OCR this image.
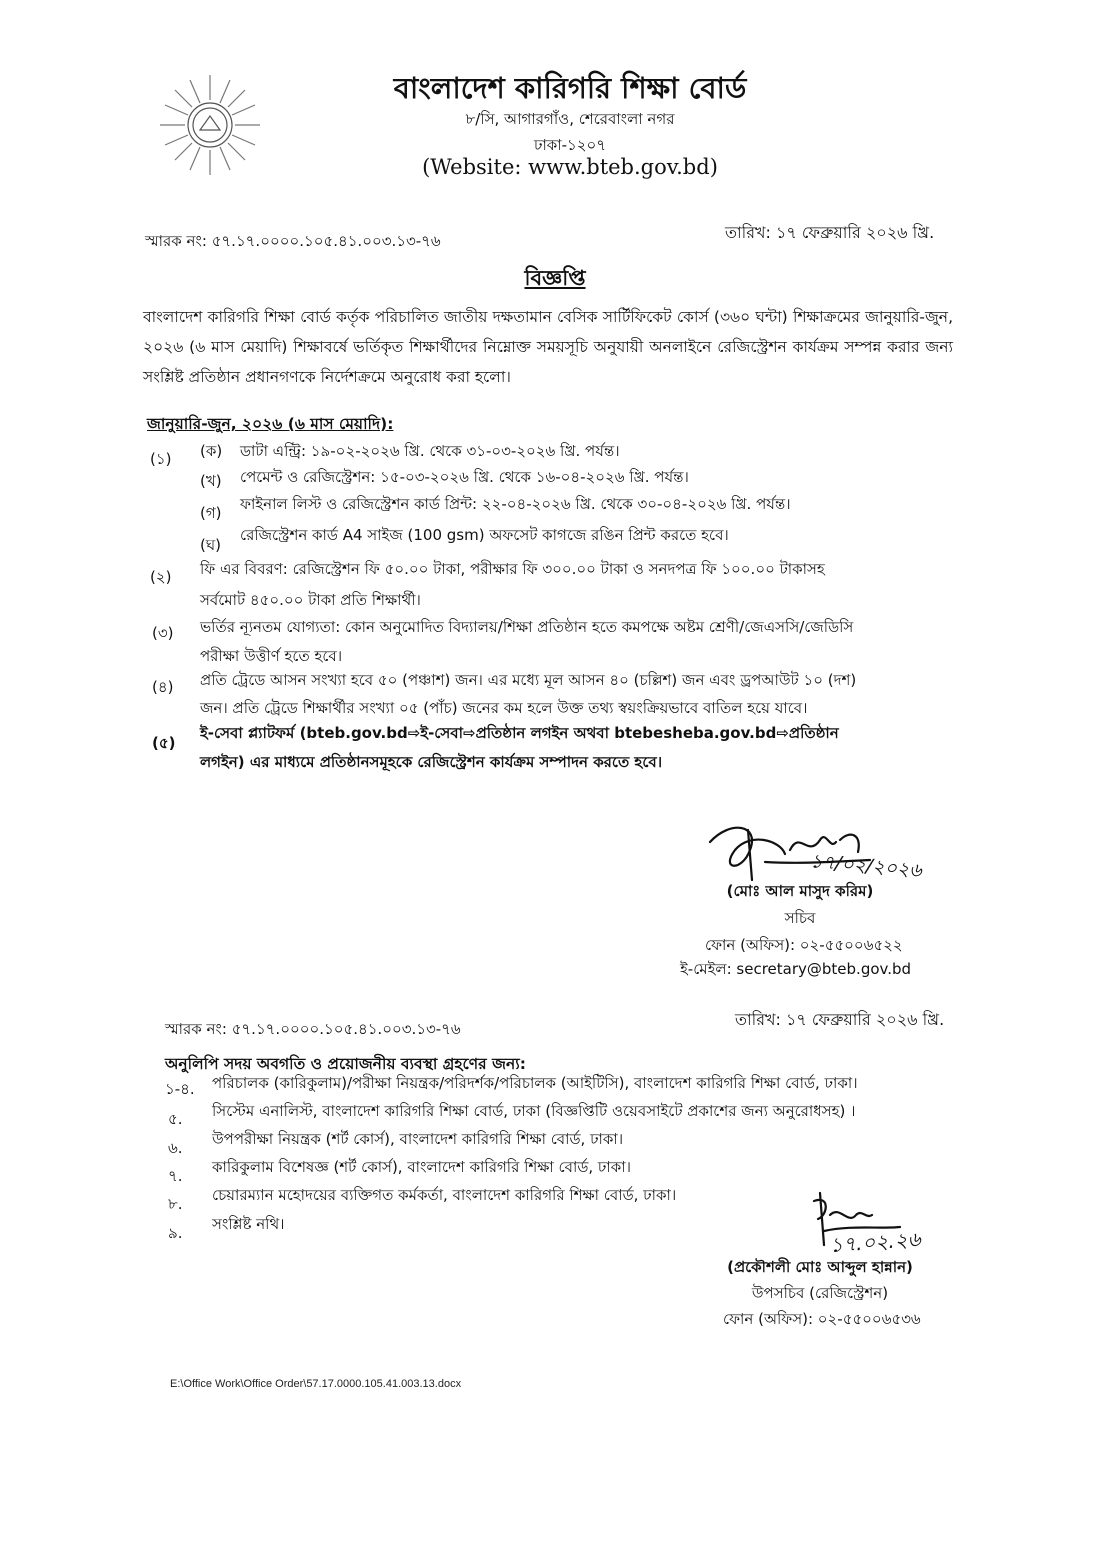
বাংলাদেশ কারিগরি শিক্ষা বোর্ড
৮/সি, আগারগাঁও, শেরেবাংলা নগর
ঢাকা-১২০৭
(Website: www.bteb.gov.bd)
স্মারক নং: ৫৭.১৭.০০০০.১০৫.৪১.০০৩.১৩-৭৬	তারিখ: ১৭ ফেব্রুয়ারি ২০২৬ খ্রি.
বিজ্ঞপ্তি
বাংলাদেশ কারিগরি শিক্ষা বোর্ড কর্তৃক পরিচালিত জাতীয় দক্ষতামান বেসিক সার্টিফিকেট কোর্স (৩৬০ ঘন্টা) শিক্ষাক্রমের জানুয়ারি-জুন, ২০২৬ (৬ মাস মেয়াদি) শিক্ষাবর্ষে ভর্তিকৃত শিক্ষার্থীদের নিম্নোক্ত সময়সূচি অনুযায়ী অনলাইনে রেজিস্ট্রেশন কার্যক্রম সম্পন্ন করার জন্য সংশ্লিষ্ট প্রতিষ্ঠান প্রধানগণকে নির্দেশক্রমে অনুরোধ করা হলো।
জানুয়ারি-জুন, ২০২৬ (৬ মাস মেয়াদি):
(১) (ক) ডাটা এন্ট্রি: ১৯-০২-২০২৬ খ্রি. থেকে ৩১-০৩-২০২৬ খ্রি. পর্যন্ত।
(খ) পেমেন্ট ও রেজিস্ট্রেশন: ১৫-০৩-২০২৬ খ্রি. থেকে ১৬-০৪-২০২৬ খ্রি. পর্যন্ত।
(গ) ফাইনাল লিস্ট ও রেজিস্ট্রেশন কার্ড প্রিন্ট: ২২-০৪-২০২৬ খ্রি. থেকে ৩০-০৪-২০২৬ খ্রি. পর্যন্ত।
(ঘ)
রেজিস্ট্রেশন কার্ড A4 সাইজ (100 gsm) অফসেট কাগজে রঙিন প্রিন্ট করতে হবে।
(২) ফি এর বিবরণ: রেজিস্ট্রেশন ফি ৫০.০০ টাকা, পরীক্ষার ফি ৩০০.০০ টাকা ও সনদপত্র ফি ১০০.০০ টাকাসহ
সর্বমোট ৪৫০.০০ টাকা প্রতি শিক্ষার্থী।
(৩) ভর্তির ন্যূনতম যোগ্যতা: কোন অনুমোদিত বিদ্যালয়/শিক্ষা প্রতিষ্ঠান হতে কমপক্ষে অষ্টম শ্রেণী/জেএসসি/জেডিসি
পরীক্ষা উত্তীর্ণ হতে হবে।
(৪) প্রতি ট্রেডে আসন সংখ্যা হবে ৫০ (পঞ্চাশ) জন। এর মধ্যে মূল আসন ৪০ (চল্লিশ) জন এবং ড্রপআউট ১০ (দশ)
জন। প্রতি ট্রেডে শিক্ষার্থীর সংখ্যা ০৫ (পাঁচ) জনের কম হলে উক্ত তথ্য স্বয়ংক্রিয়ভাবে বাতিল হয়ে যাবে।
(৫)
ই-সেবা প্ল্যাটফর্ম (bteb.gov.bd⇨ই-সেবা⇨প্রতিষ্ঠান লগইন অথবা btebesheba.gov.bd⇨প্রতিষ্ঠান
লগইন) এর মাধ্যমে প্রতিষ্ঠানসমূহকে রেজিস্ট্রেশন কার্যক্রম সম্পাদন করতে হবে।
১৭/০২/২০২৬
(মোঃ আল মাসুদ করিম)
সচিব
ফোন (অফিস): ০২-৫৫০০৬৫২২
ই-মেইল: secretary@bteb.gov.bd
স্মারক নং: ৫৭.১৭.০০০০.১০৫.৪১.০০৩.১৩-৭৬	তারিখ: ১৭ ফেব্রুয়ারি ২০২৬ খ্রি.
অনুলিপি সদয় অবগতি ও প্রয়োজনীয় ব্যবস্থা গ্রহণের জন্য:
১-৪. পরিচালক (কারিকুলাম)/পরীক্ষা নিয়ন্ত্রক/পরিদর্শক/পরিচালক (আইটিসি), বাংলাদেশ কারিগরি শিক্ষা বোর্ড, ঢাকা।
৫. সিস্টেম এনালিস্ট, বাংলাদেশ কারিগরি শিক্ষা বোর্ড, ঢাকা (বিজ্ঞপ্তিটি ওয়েবসাইটে প্রকাশের জন্য অনুরোধসহ) ।
৬. উপপরীক্ষা নিয়ন্ত্রক (শর্ট কোর্স), বাংলাদেশ কারিগরি শিক্ষা বোর্ড, ঢাকা।
৭. কারিকুলাম বিশেষজ্ঞ (শর্ট কোর্স), বাংলাদেশ কারিগরি শিক্ষা বোর্ড, ঢাকা।
৮. চেয়ারম্যান মহোদয়ের ব্যক্তিগত কর্মকর্তা, বাংলাদেশ কারিগরি শিক্ষা বোর্ড, ঢাকা।
৯. সংশ্লিষ্ট নথি।
১৭.০২.২৬
(প্রকৌশলী মোঃ আব্দুল হান্নান)
উপসচিব (রেজিস্ট্রেশন)
ফোন (অফিস): ০২-৫৫০০৬৫৩৬
E:\Office Work\Office Order\57.17.0000.105.41.003.13.docx
